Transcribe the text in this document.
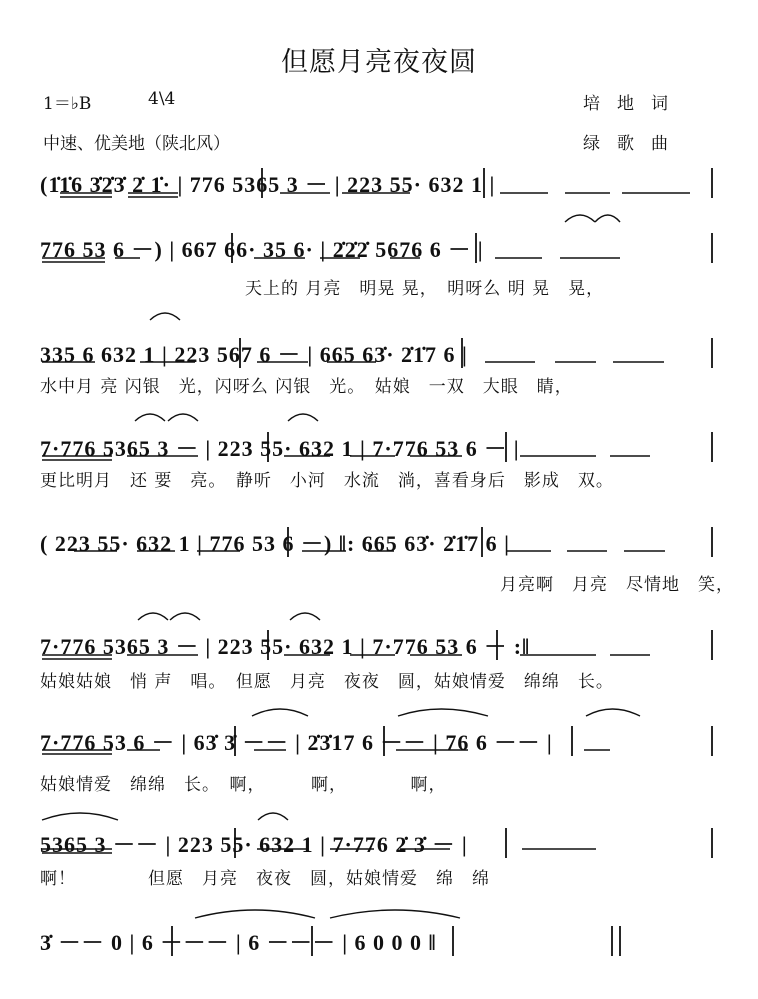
但愿月亮夜夜圆
1＝♭B	4\4	培　地　词
中速、优美地（陕北风）	绿　歌　曲
(1̇1̇6 3̇2̇3̇ 2̇ 1̇· | 776 5365 3 － | 223 55· 632 1 |
776 53 6 －) | 667 66· 35 6· | 2̇2̇2̇ 5676 6 － |
天上的 月亮　明晃 晃，　明呀么 明 晃　晃，
335 6 632 1 | 223 567 6 － | 665 63̇· 2̇1̇7 6 |
水中月 亮 闪银　光，闪呀么 闪银　光。　姑娘　一双　大眼　睛，
7·776 5365 3 － | 223 55· 632 1 | 7·776 53 6 － |
更比明月　还 要　亮。　静听　小河　水流　淌，喜看身后　影成　双。
( 223 55· 632 1 | 776 53 6 －) ‖: 665 63̇· 2̇1̇7 6 |
月亮啊　月亮　尽情地　笑，
7·776 5365 3 － | 223 55· 632 1 | 7·776 53 6 － :‖
姑娘姑娘　悄 声　唱。　但愿　月亮　夜夜　圆，姑娘情爱　绵绵　长。
7·776 53 6 － | 63̇ 3̇ －－ | 2̇3̇17 6 －－ | 76 6 －－ |
姑娘情爱　绵绵　长。　啊，　　　啊，　　　　啊，
5365 3 －－ | 223 55· 632 1 | 7·776 2̇ 3̇ － |
啊！　　　　但愿　月亮　夜夜　圆，姑娘情爱　绵　绵
3̇ －－ 0 | 6 －－－ | 6 －－－ | 6 0 0 0 ‖
